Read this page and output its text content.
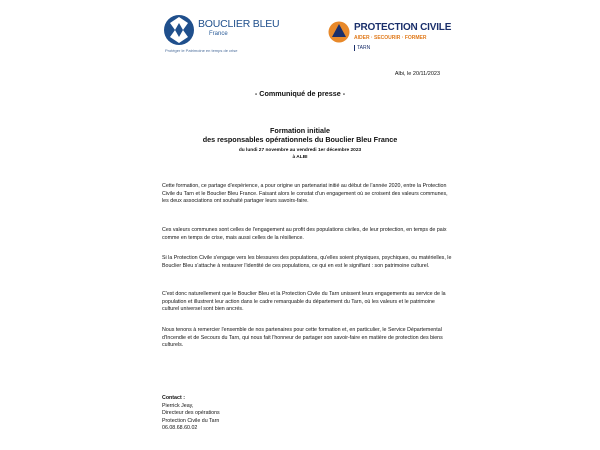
BOUCLIER BLEU
France
Protéger le Patrimoine en temps de crise
PROTECTION CIVILE
AIDER · SECOURIR · FORMER
TARN
Albi, le 20/11/2023
- Communiqué de presse -
Formation initiale
des responsables opérationnels du Bouclier Bleu France
du lundi 27 novembre au vendredi 1er décembre 2023
à ALBI

Cette formation, ce partage d'expérience, a pour origine un partenariat initié au début de l'année 2020, entre la Protection Civile du Tarn et le Bouclier Bleu France. Faisant alors le constat d'un engagement où se croisent des valeurs communes, les deux associations ont souhaité partager leurs savoirs-faire.

Ces valeurs communes sont celles de l'engagement au profit des populations civiles, de leur protection, en temps de paix comme en temps de crise, mais aussi celles de la résilience.

Si la Protection Civile s'engage vers les blessures des populations, qu'elles soient physiques, psychiques, ou matérielles, le Bouclier Bleu s'attache à restaurer l'identité de ces populations, ce qui en est le signifiant : son patrimoine culturel.

C'est donc naturellement que le Bouclier Bleu et la Protection Civile du Tarn unissent leurs engagements au service de la population et illustrent leur action dans le cadre remarquable du département du Tarn, où les valeurs et le patrimoine culturel universel sont bien ancrés.

Nous tenons à remercier l'ensemble de nos partenaires pour cette formation et, en particulier, le Service Départemental d'Incendie et de Secours du Tarn, qui nous fait l'honneur de partager son savoir-faire en matière de protection des biens culturels.

Contact :
Pierrick Jeay,
Directeur des opérations
Protection Civile du Tarn
06.08.68.60.02
